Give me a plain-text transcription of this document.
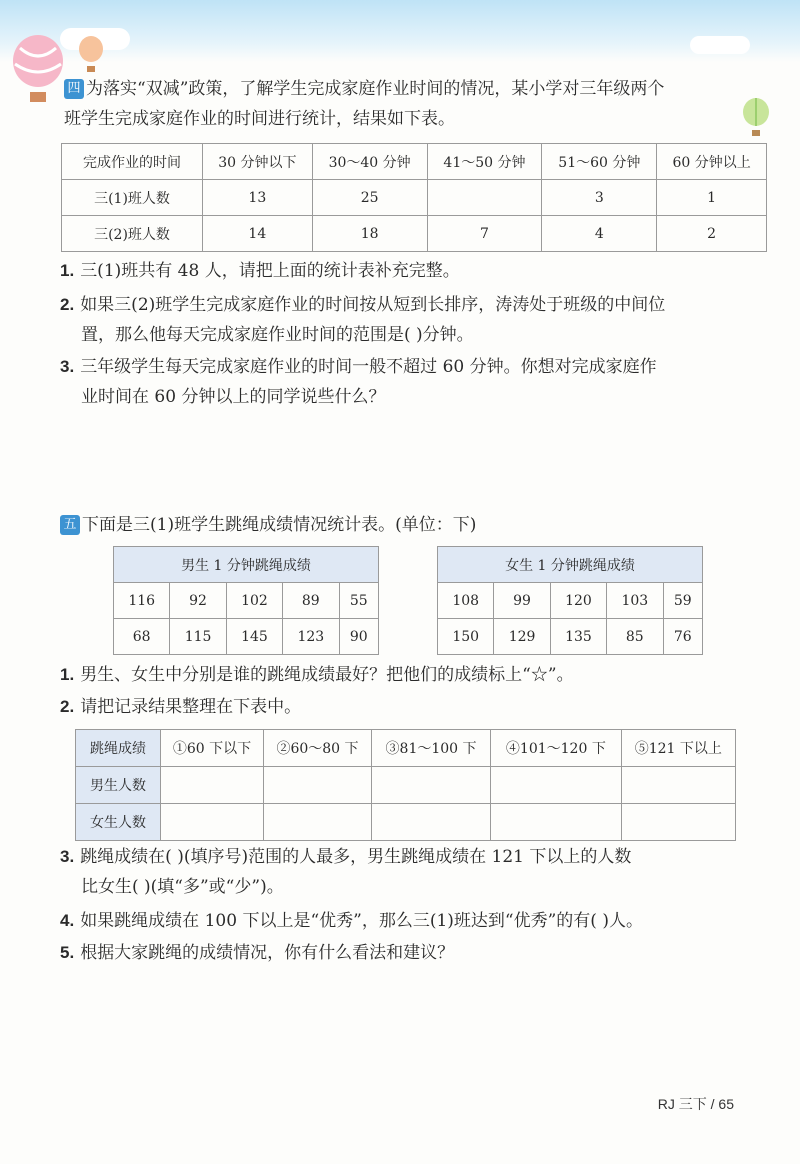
四 为落实“双减”政策，了解学生完成家庭作业时间的情况，某小学对三年级两个
班学生完成家庭作业的时间进行统计，结果如下表。
完成作业的时间	30 分钟以下	30～40 分钟	41～50 分钟	51～60 分钟	60 分钟以上
三(1)班人数	13	25		3	1
三(2)班人数	14	18	7	4	2
1. 三(1)班共有 48 人，请把上面的统计表补充完整。
2. 如果三(2)班学生完成家庭作业的时间按从短到长排序，涛涛处于班级的中间位
置，那么他每天完成家庭作业时间的范围是( )分钟。
3. 三年级学生每天完成家庭作业的时间一般不超过 60 分钟。你想对完成家庭作
业时间在 60 分钟以上的同学说些什么？
五 下面是三(1)班学生跳绳成绩情况统计表。(单位：下)
男生 1 分钟跳绳成绩				
116	92	102	89	55
68	115	145	123	90
女生 1 分钟跳绳成绩				
108	99	120	103	59
150	129	135	85	76
1. 男生、女生中分别是谁的跳绳成绩最好？把他们的成绩标上“☆”。
2. 请把记录结果整理在下表中。
跳绳成绩	①60 下以下	②60～80 下	③81～100 下	④101～120 下	⑤121 下以上
男生人数					
女生人数					
3. 跳绳成绩在( )(填序号)范围的人最多，男生跳绳成绩在 121 下以上的人数
比女生( )(填“多”或“少”)。
4. 如果跳绳成绩在 100 下以上是“优秀”，那么三(1)班达到“优秀”的有( )人。
5. 根据大家跳绳的成绩情况，你有什么看法和建议？
RJ 三下 / 65
